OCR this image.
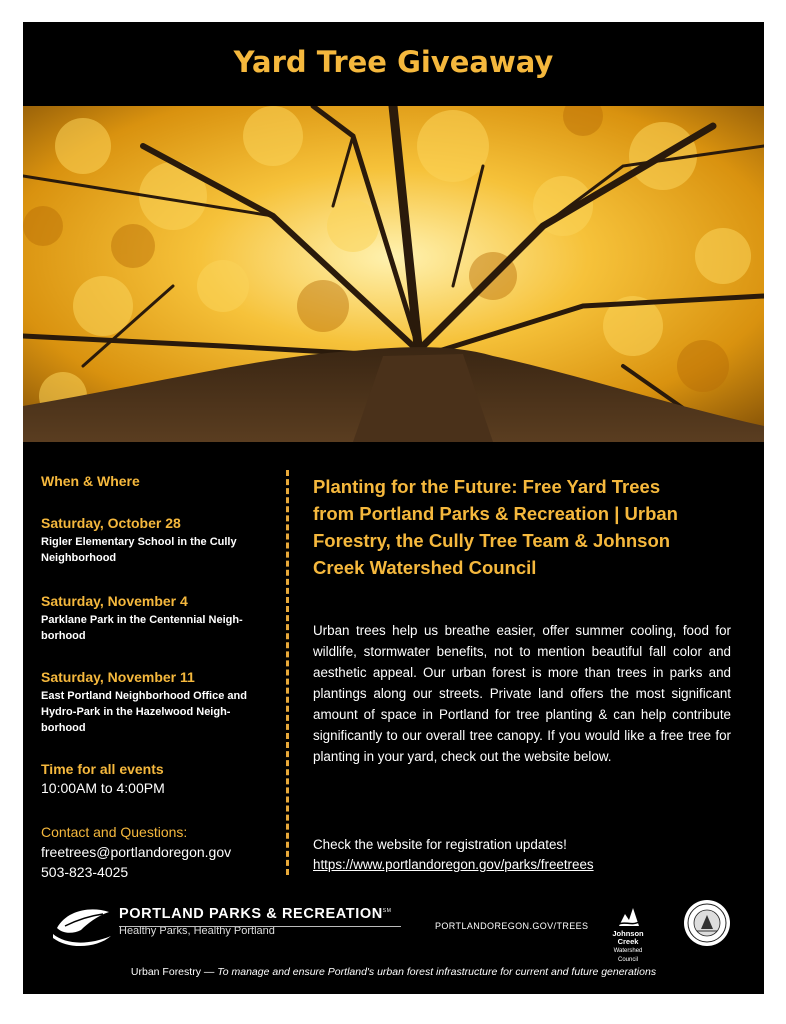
Yard Tree Giveaway

When & Where

Saturday, October 28

Rigler Elementary School in the Cully
Neighborhood

Saturday, November 4

Parklane Park in the Centennial Neigh-
borhood

Saturday, November 11

East Portland Neighborhood Office and
Hydro-Park in the Hazelwood Neigh-
borhood

Time for all events

10:00AM to 4:00PM

Contact and Questions:

freetrees@portlandoregon.gov

503-823-4025

Planting for the Future: Free Yard Trees
from Portland Parks & Recreation | Urban
Forestry, the Cully Tree Team & Johnson
Creek Watershed Council

Urban trees help us breathe easier, offer summer cooling, food for wildlife, stormwater benefits, not to mention beautiful fall color and aesthetic appeal. Our urban forest is more than trees in parks and plantings along our streets. Private land offers the most significant amount of space in Portland for tree planting & can help contribute significantly to our overall tree canopy. If you would like a free tree for planting in your yard, check out the website below.

Check the website for registration updates!

https://www.portlandoregon.gov/parks/freetrees

PORTLAND PARKS & RECREATION℠

Healthy Parks, Healthy Portland	PORTLANDOREGON.GOV/TREES
Johnson Creek
Watershed Council
Urban Forestry — To manage and ensure Portland's urban forest infrastructure for current and future generations
